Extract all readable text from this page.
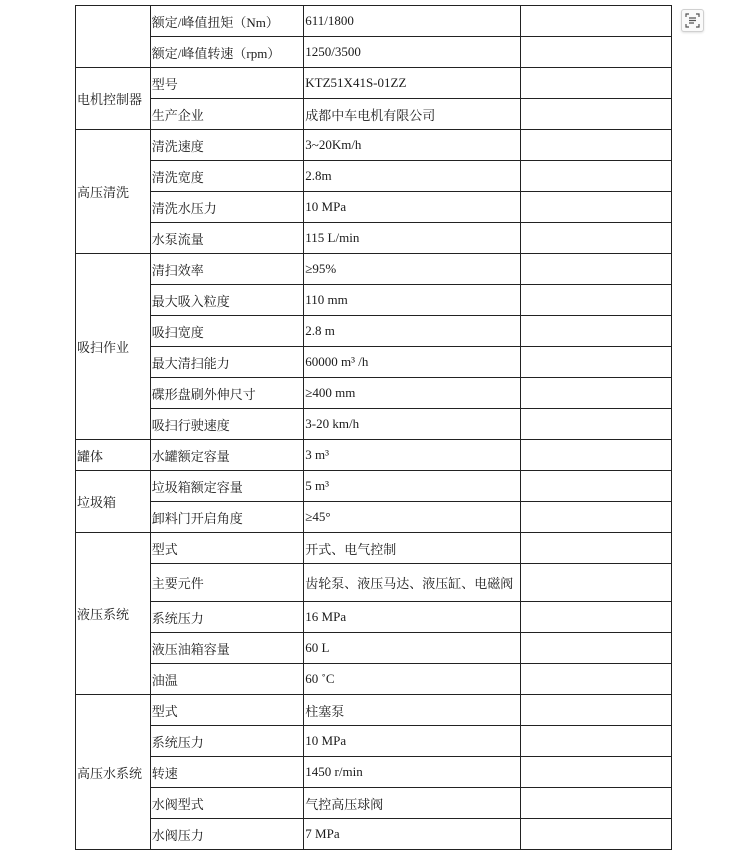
	额定/峰值扭矩（Nm）	611/1800	
	额定/峰值转速（rpm）	1250/3500	
电机控制器	型号	KTZ51X41S-01ZZ	
	生产企业	成都中车电机有限公司	
高压清洗	清洗速度	3~20Km/h	
	清洗宽度	2.8m	
	清洗水压力	10 MPa	
	水泵流量	115 L/min	
吸扫作业	清扫效率	≥95%	
	最大吸入粒度	110 mm	
	吸扫宽度	2.8 m	
	最大清扫能力	60000 m³ /h	
	碟形盘刷外伸尺寸	≥400 mm	
	吸扫行驶速度	3-20 km/h	
罐体	水罐额定容量	3 m³	
垃圾箱	垃圾箱额定容量	5 m³	
	卸料门开启角度	≥45°	
液压系统	型式	开式、电气控制	
	主要元件	齿轮泵、液压马达、液压缸、电磁阀	
	系统压力	16 MPa	
	液压油箱容量	60 L	
	油温	60 ˚C	
高压水系统	型式	柱塞泵	
	系统压力	10 MPa	
	转速	1450 r/min	
	水阀型式	气控高压球阀	
	水阀压力	7 MPa	
